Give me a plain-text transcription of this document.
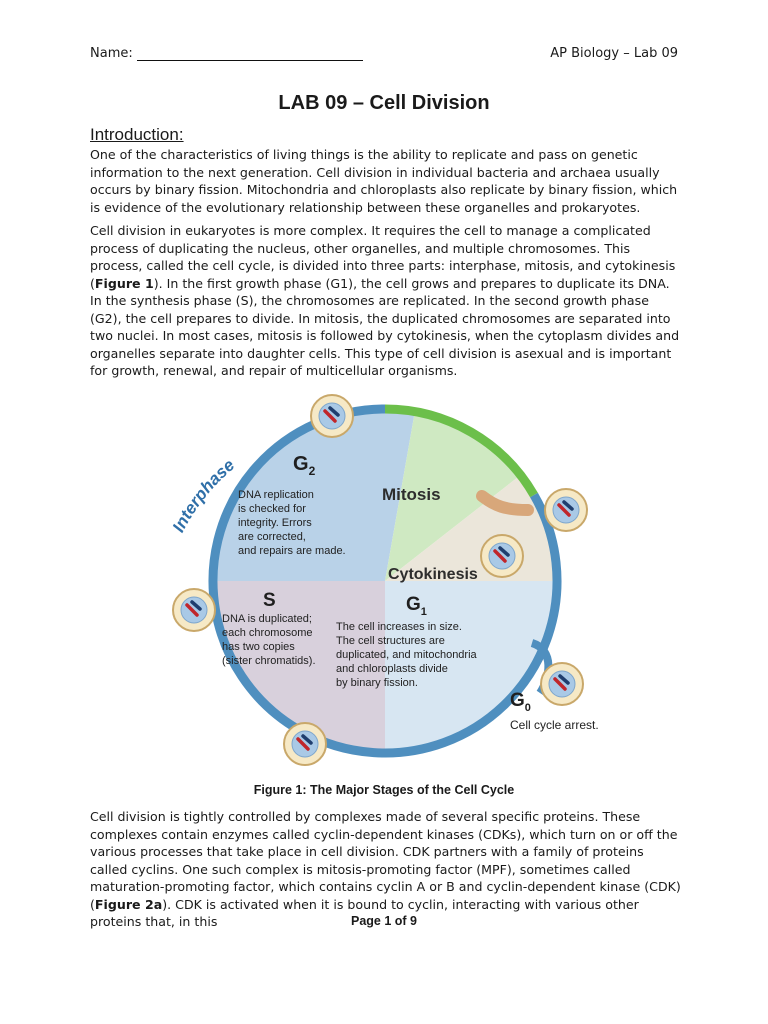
Name:	AP Biology – Lab 09
LAB 09 – Cell Division
Introduction:

One of the characteristics of living things is the ability to replicate and pass on genetic information to the next generation. Cell division in individual bacteria and archaea usually occurs by binary fission. Mitochondria and chloroplasts also replicate by binary fission, which is evidence of the evolutionary relationship between these organelles and prokaryotes.

Cell division in eukaryotes is more complex. It requires the cell to manage a complicated process of duplicating the nucleus, other organelles, and multiple chromosomes. This process, called the cell cycle, is divided into three parts: interphase, mitosis, and cytokinesis (Figure 1). In the first growth phase (G1), the cell grows and prepares to duplicate its DNA. In the synthesis phase (S), the chromosomes are replicated. In the second growth phase (G2), the cell prepares to divide. In mitosis, the duplicated chromosomes are separated into two nuclei. In most cases, mitosis is followed by cytokinesis, when the cytoplasm divides and organelles separate into daughter cells. This type of cell division is asexual and is important for growth, renewal, and repair of multicellular organisms.

Interphase	$G_2$
DNA replication
is checked for
integrity. Errors
are corrected,
and repairs are made.
Mitosis
Cytokinesis
S
DNA is duplicated;
each chromosome
has two copies
(sister chromatids).
$G_1$
The cell increases in size.
The cell structures are
duplicated, and mitochondria
and chloroplasts divide
by binary fission.
$G_0$
Cell cycle arrest.
Figure 1: The Major Stages of the Cell Cycle

Cell division is tightly controlled by complexes made of several specific proteins. These complexes contain enzymes called cyclin-dependent kinases (CDKs), which turn on or off the various processes that take place in cell division. CDK partners with a family of proteins called cyclins. One such complex is mitosis-promoting factor (MPF), sometimes called maturation-promoting factor, which contains cyclin A or B and cyclin-dependent kinase (CDK) (Figure 2a). CDK is activated when it is bound to cyclin, interacting with various other proteins that, in this	Page 1 of 9
